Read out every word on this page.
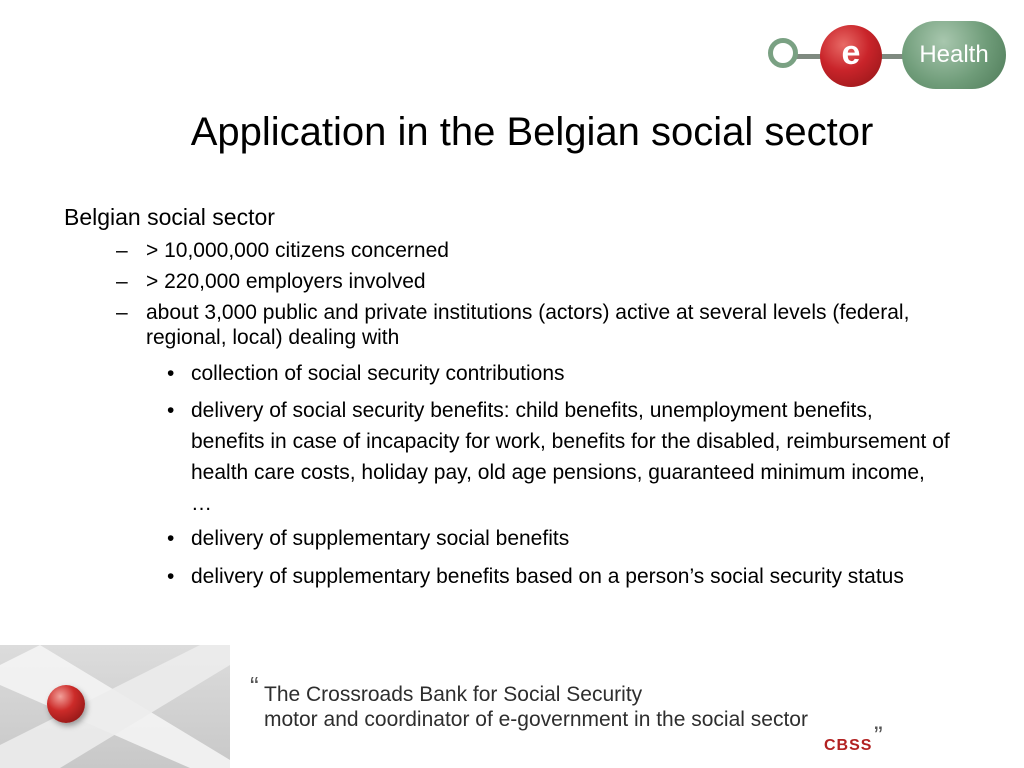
e	Health
Application in the Belgian social sector
Belgian social sector
– > 10,000,000 citizens concerned
– > 220,000 employers involved
– about 3,000 public and private institutions (actors) active at several levels (federal, regional, local) dealing with
• collection of social security contributions
• delivery of social security benefits: child benefits, unemployment benefits, benefits in case of incapacity for work, benefits for the disabled, reimbursement of health care costs, holiday pay, old age pensions, guaranteed minimum income, …
• delivery of supplementary social benefits
• delivery of supplementary benefits based on a person’s social security status
“ The Crossroads Bank for Social Security
motor and coordinator of e-government in the social sector	„
CBSS
